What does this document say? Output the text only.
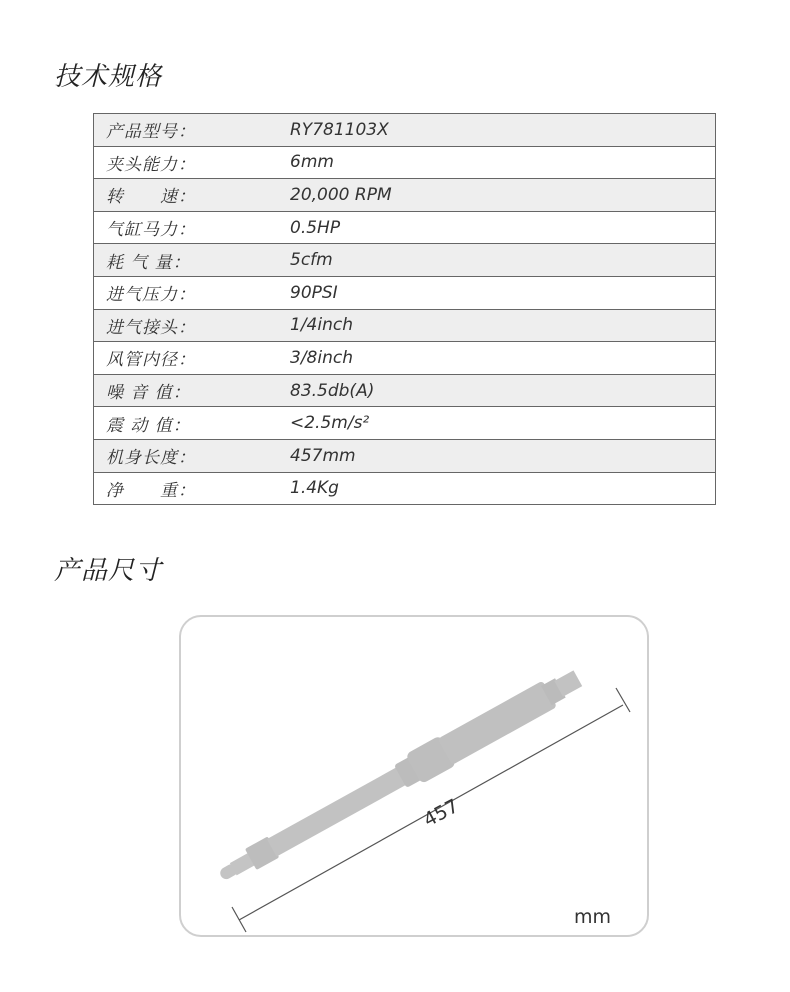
技术规格
产品型号：	RY781103X
夹头能力：	6mm
转　　速：	20,000 RPM
气缸马力：	0.5HP
耗 气 量：	5cfm
进气压力：	90PSI
进气接头：	1/4inch
风管内径：	3/8inch
噪 音 值：	83.5db(A)
震 动 值：	<2.5m/s²
机身长度：	457mm
净　　重：	1.4Kg
产品尺寸
457
mm
